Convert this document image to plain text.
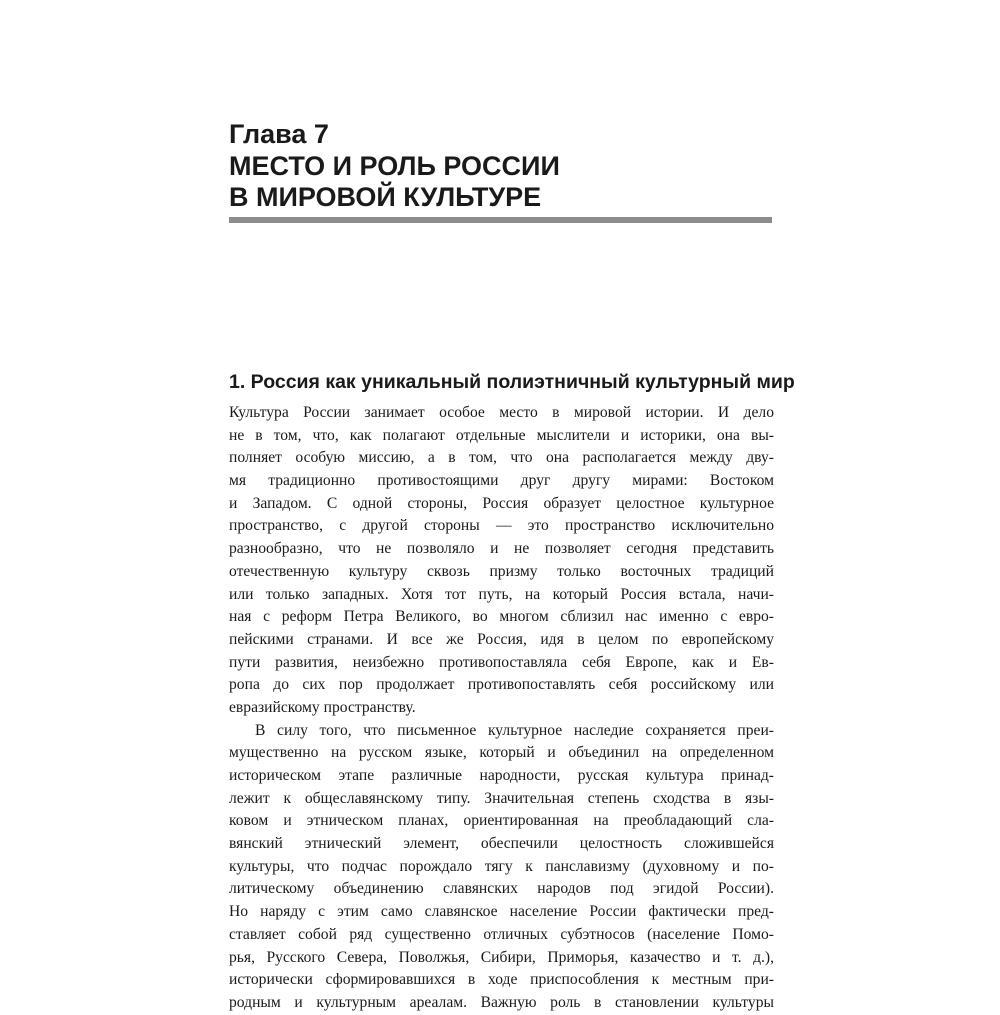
Глава 7
МЕСТО И РОЛЬ РОССИИ
В МИРОВОЙ КУЛЬТУРЕ
1. Россия как уникальный полиэтничный культурный мир
Культура России занимает особое место в мировой истории. И дело
не в том, что, как полагают отдельные мыслители и историки, она вы-
полняет особую миссию, а в том, что она располагается между дву-
мя традиционно противостоящими друг другу мирами: Востоком
и Западом. С одной стороны, Россия образует целостное культурное
пространство, с другой стороны — это пространство исключительно
разнообразно, что не позволяло и не позволяет сегодня представить
отечественную культуру сквозь призму только восточных традиций
или только западных. Хотя тот путь, на который Россия встала, начи-
ная с реформ Петра Великого, во многом сблизил нас именно с евро-
пейскими странами. И все же Россия, идя в целом по европейскому
пути развития, неизбежно противопоставляла себя Европе, как и Ев-
ропа до сих пор продолжает противопоставлять себя российскому или
евразийскому пространству.
В силу того, что письменное культурное наследие сохраняется преи-
мущественно на русском языке, который и объединил на определенном
историческом этапе различные народности, русская культура принад-
лежит к общеславянскому типу. Значительная степень сходства в язы-
ковом и этническом планах, ориентированная на преобладающий сла-
вянский этнический элемент, обеспечили целостность сложившейся
культуры, что подчас порождало тягу к панславизму (духовному и по-
литическому объединению славянских народов под эгидой России).
Но наряду с этим само славянское население России фактически пред-
ставляет собой ряд существенно отличных субэтносов (население Помо-
рья, Русского Севера, Поволжья, Сибири, Приморья, казачество и т. д.),
исторически сформировавшихся в ходе приспособления к местным при-
родным и культурным ареалам. Важную роль в становлении культуры
